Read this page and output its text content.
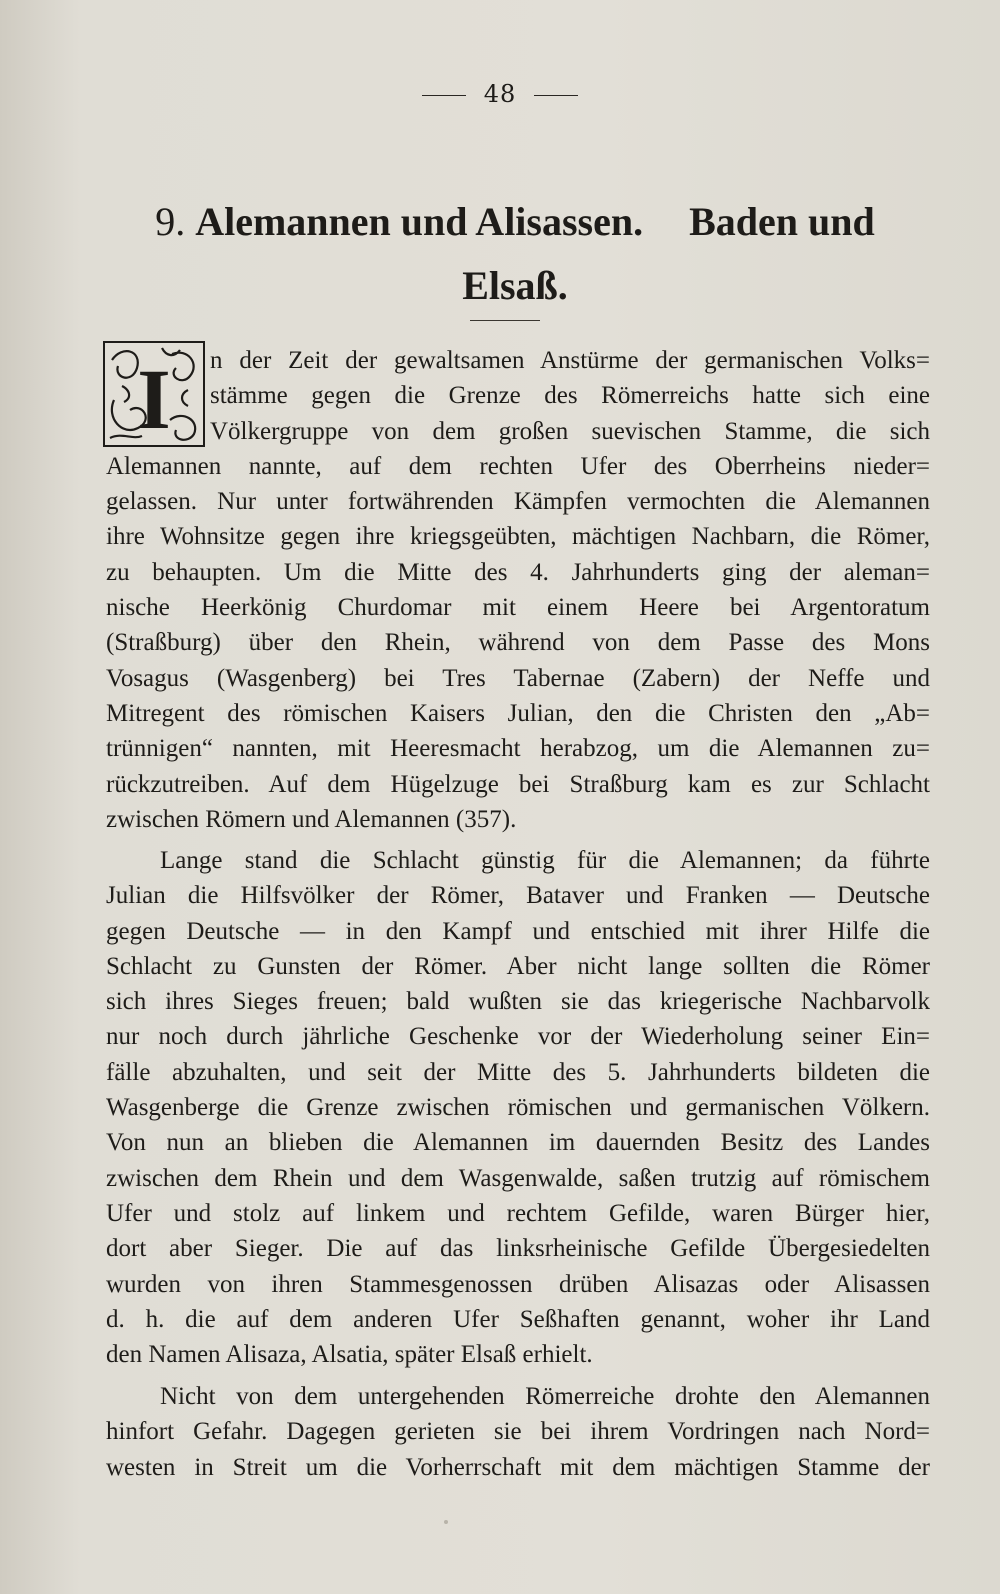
48
9. Alemannen und Alisassen. Baden und
Elsaß.
I	n der Zeit der gewaltsamen Anstürme der germanischen Volks=
stämme gegen die Grenze des Römerreichs hatte sich eine
Völkergruppe von dem großen suevischen Stamme, die sich
Alemannen nannte, auf dem rechten Ufer des Oberrheins nieder=
gelassen. Nur unter fortwährenden Kämpfen vermochten die Alemannen
ihre Wohnsitze gegen ihre kriegsgeübten, mächtigen Nachbarn, die Römer,
zu behaupten. Um die Mitte des 4. Jahrhunderts ging der aleman=
nische Heerkönig Churdomar mit einem Heere bei Argentoratum
(Straßburg) über den Rhein, während von dem Passe des Mons
Vosagus (Wasgenberg) bei Tres Tabernae (Zabern) der Neffe und
Mitregent des römischen Kaisers Julian, den die Christen den „Ab=
trünnigen“ nannten, mit Heeresmacht herabzog, um die Alemannen zu=
rückzutreiben. Auf dem Hügelzuge bei Straßburg kam es zur Schlacht
zwischen Römern und Alemannen (357).
Lange stand die Schlacht günstig für die Alemannen; da führte
Julian die Hilfsvölker der Römer, Bataver und Franken — Deutsche
gegen Deutsche — in den Kampf und entschied mit ihrer Hilfe die
Schlacht zu Gunsten der Römer. Aber nicht lange sollten die Römer
sich ihres Sieges freuen; bald wußten sie das kriegerische Nachbarvolk
nur noch durch jährliche Geschenke vor der Wiederholung seiner Ein=
fälle abzuhalten, und seit der Mitte des 5. Jahrhunderts bildeten die
Wasgenberge die Grenze zwischen römischen und germanischen Völkern.
Von nun an blieben die Alemannen im dauernden Besitz des Landes
zwischen dem Rhein und dem Wasgenwalde, saßen trutzig auf römischem
Ufer und stolz auf linkem und rechtem Gefilde, waren Bürger hier,
dort aber Sieger. Die auf das linksrheinische Gefilde Übergesiedelten
wurden von ihren Stammesgenossen drüben Alisazas oder Alisassen
d. h. die auf dem anderen Ufer Seßhaften genannt, woher ihr Land
den Namen Alisaza, Alsatia, später Elsaß erhielt.
Nicht von dem untergehenden Römerreiche drohte den Alemannen
hinfort Gefahr. Dagegen gerieten sie bei ihrem Vordringen nach Nord=
westen in Streit um die Vorherrschaft mit dem mächtigen Stamme der
